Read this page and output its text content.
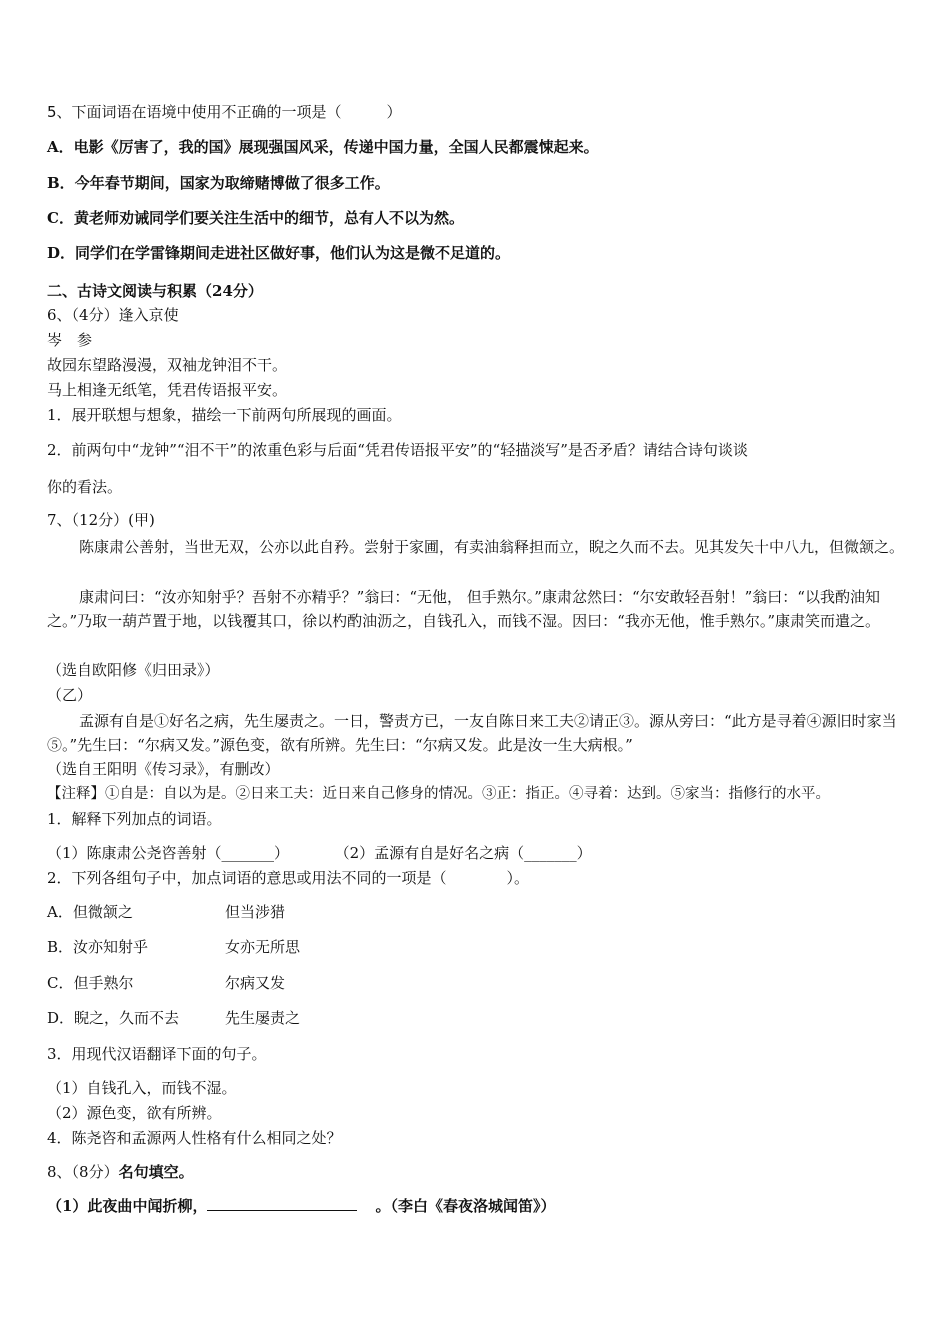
5、下面词语在语境中使用不正确的一项是（　　　）
A．电影《厉害了，我的国》展现强国风采，传递中国力量，全国人民都震悚起来。
B．今年春节期间，国家为取缔赌博做了很多工作。
C．黄老师劝诫同学们要关注生活中的细节，总有人不以为然。
D．同学们在学雷锋期间走进社区做好事，他们认为这是微不足道的。
二、古诗文阅读与积累（24分）
6、（4分）逢入京使
岑　参
故园东望路漫漫，双袖龙钟泪不干。
马上相逢无纸笔，凭君传语报平安。
1．展开联想与想象，描绘一下前两句所展现的画面。
2．前两句中“龙钟”“泪不干”的浓重色彩与后面“凭君传语报平安”的“轻描淡写”是否矛盾？请结合诗句谈谈
你的看法。
7、（12分）(甲)
陈康肃公善射，当世无双，公亦以此自矜。尝射于家圃，有卖油翁释担而立，睨之久而不去。见其发矢十中八九，但微颔之。
康肃问曰：“汝亦知射乎？吾射不亦精乎？”翁曰：“无他， 但手熟尔。”康肃忿然曰：“尔安敢轻吾射！”翁曰：“以我酌油知之。”乃取一葫芦置于地，以钱覆其口，徐以杓酌油沥之，自钱孔入，而钱不湿。因曰：“我亦无他，惟手熟尔。”康肃笑而遣之。
（选自欧阳修《归田录》）
（乙）
孟源有自是①好名之病，先生屡责之。一日，警责方已，一友自陈日来工夫②请正③。源从旁曰：“此方是寻着④源旧时家当⑤。”先生曰：“尔病又发。”源色变，欲有所辨。先生曰：“尔病又发。此是汝一生大病根。”
（选自王阳明《传习录》，有删改）
【注释】①自是：自以为是。②日来工夫：近日来自己修身的情况。③正：指正。④寻着：达到。⑤家当：指修行的水平。
1．解释下列加点的词语。
（1）陈康肃公尧咨善射（_______）	（2）孟源有自是好名之病（_______）
2．下列各组句子中，加点词语的意思或用法不同的一项是（　　　　）。
A．但微颔之	但当涉猎
B．汝亦知射乎	女亦无所思
C．但手熟尔	尔病又发
D．睨之，久而不去	先生屡责之
3．用现代汉语翻译下面的句子。
（1）自钱孔入，而钱不湿。
（2）源色变，欲有所辨。
4．陈尧咨和孟源两人性格有什么相同之处？
8、（8分）名句填空。
（1）此夜曲中闻折柳，	。（李白《春夜洛城闻笛》）
